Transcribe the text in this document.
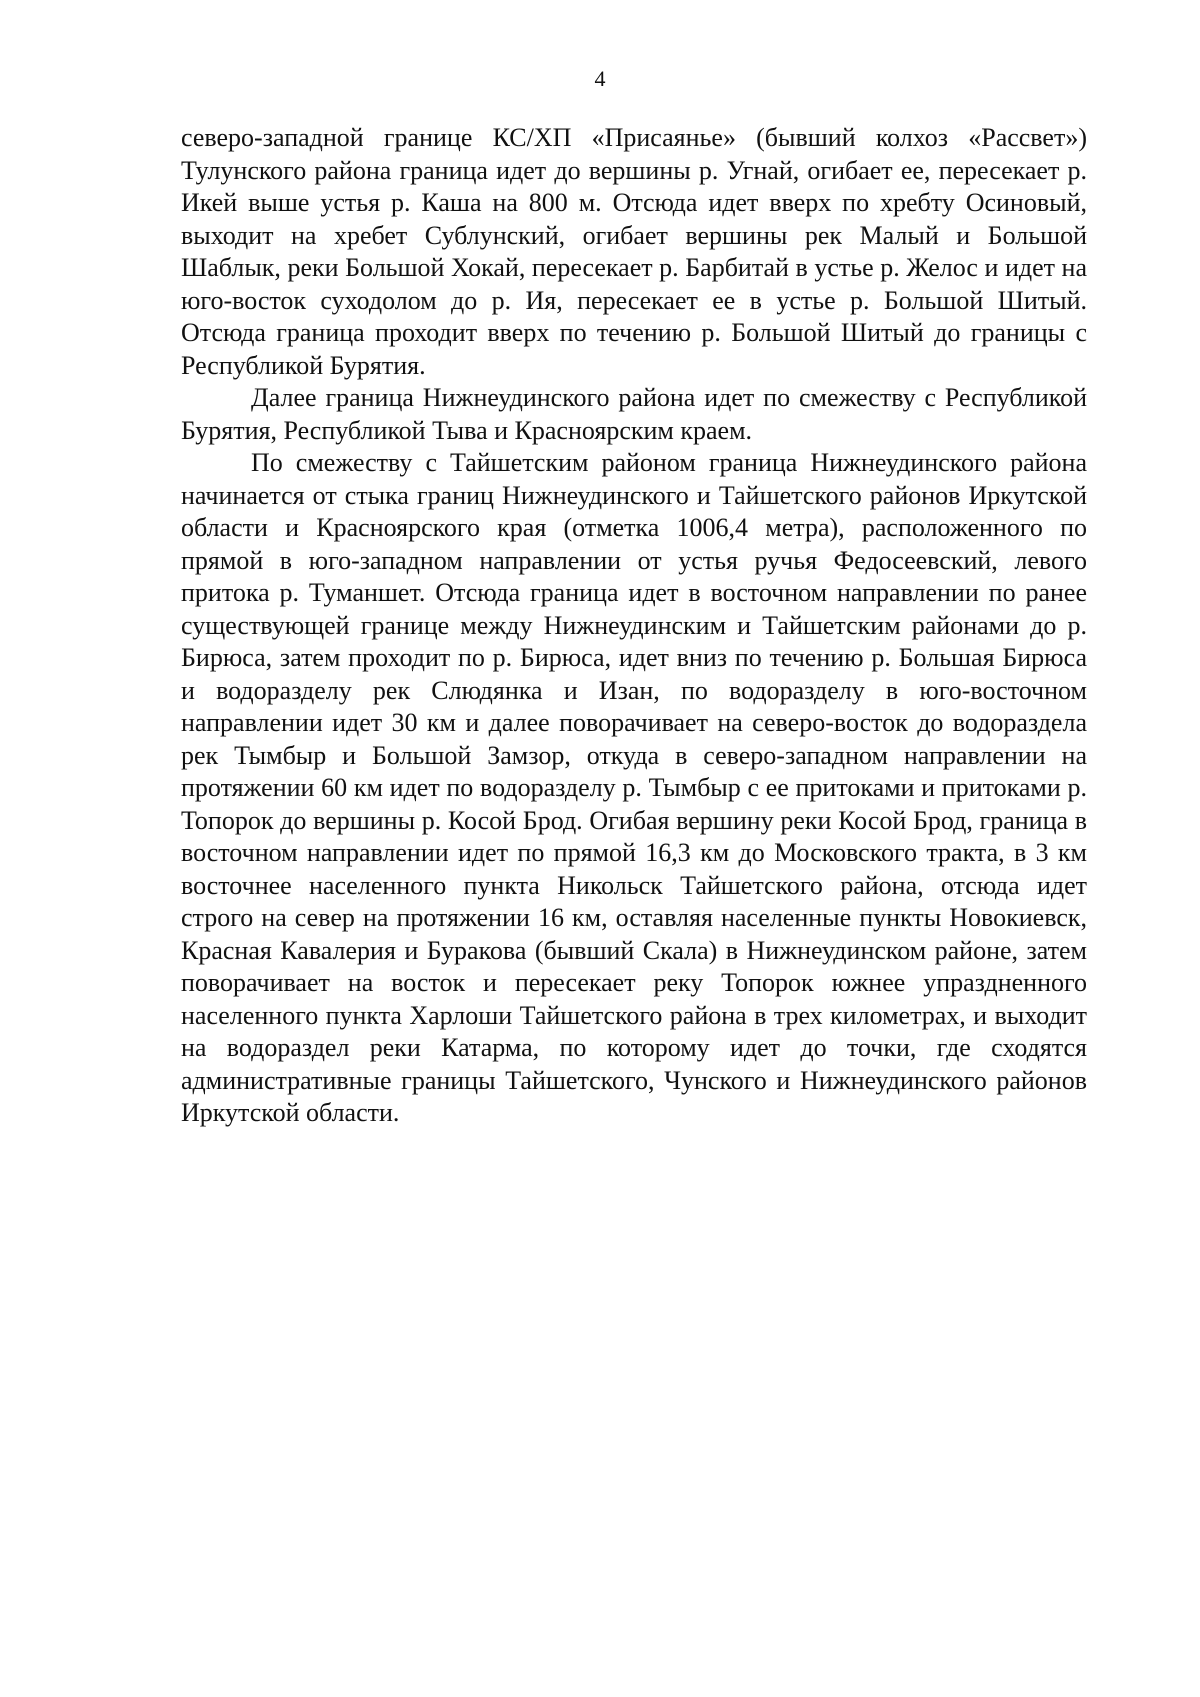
4

северо-западной границе КС/ХП «Присаянье» (бывший колхоз «Рассвет») Тулунского района граница идет до вершины р. Угнай, огибает ее, пересекает р. Икей выше устья р. Каша на 800 м. Отсюда идет вверх по хребту Осиновый, выходит на хребет Сублунский, огибает вершины рек Малый и Большой Шаблык, реки Большой Хокай, пересекает р. Барбитай в устье р. Желос и идет на юго-восток суходолом до р. Ия, пересекает ее в устье р. Большой Шитый. Отсюда граница проходит вверх по течению р. Большой Шитый до границы с Республикой Бурятия.

Далее граница Нижнеудинского района идет по смежеству с Республикой Бурятия, Республикой Тыва и Красноярским краем.

По смежеству с Тайшетским районом граница Нижнеудинского района начинается от стыка границ Нижнеудинского и Тайшетского районов Иркутской области и Красноярского края (отметка 1006,4 метра), расположенного по прямой в юго-западном направлении от устья ручья Федосеевский, левого притока р. Туманшет. Отсюда граница идет в восточном направлении по ранее существующей границе между Нижнеудинским и Тайшетским районами до р. Бирюса, затем проходит по р. Бирюса, идет вниз по течению р. Большая Бирюса и водоразделу рек Слюдянка и Изан, по водоразделу в юго-восточном направлении идет 30 км и далее поворачивает на северо-восток до водораздела рек Тымбыр и Большой Замзор, откуда в северо-западном направлении на протяжении 60 км идет по водоразделу р. Тымбыр с ее притоками и притоками р. Топорок до вершины р. Косой Брод. Огибая вершину реки Косой Брод, граница в восточном направлении идет по прямой 16,3 км до Московского тракта, в 3 км восточнее населенного пункта Никольск Тайшетского района, отсюда идет строго на север на протяжении 16 км, оставляя населенные пункты Новокиевск, Красная Кавалерия и Буракова (бывший Скала) в Нижнеудинском районе, затем поворачивает на восток и пересекает реку Топорок южнее упраздненного населенного пункта Харлоши Тайшетского района в трех километрах, и выходит на водораздел реки Катарма, по которому идет до точки, где сходятся административные границы Тайшетского, Чунского и Нижнеудинского районов Иркутской области.
